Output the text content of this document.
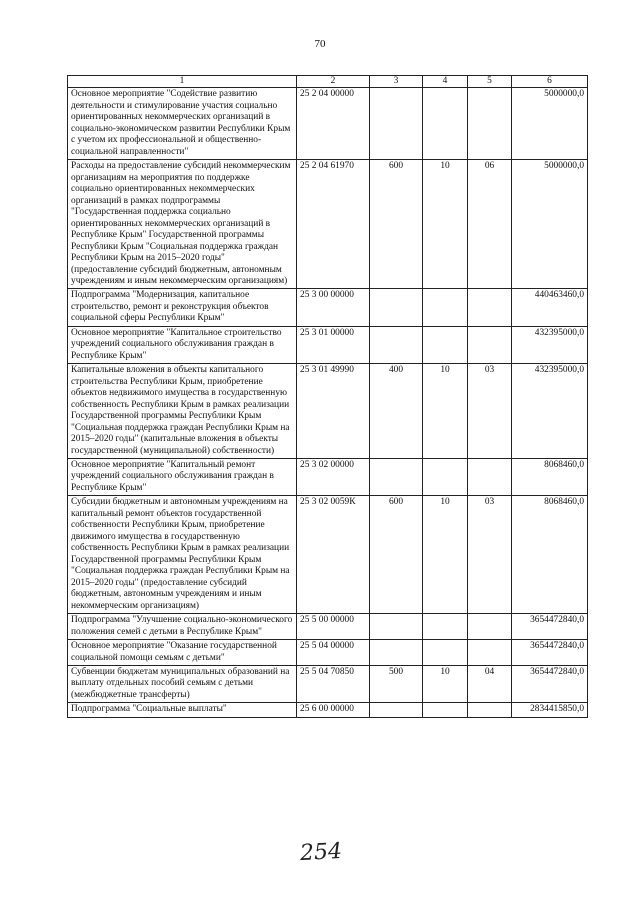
70
1	2	3	4	5	6
Основное мероприятие "Содействие развитию деятельности и стимулирование участия социально ориентированных некоммерческих организаций в социально-экономическом развитии Республики Крым с учетом их профессиональной и общественно-социальной направленности"	25 2 04 00000				5000000,0
Расходы на предоставление субсидий некоммерческим организациям на мероприятия по поддержке социально ориентированных некоммерческих организаций в рамках подпрограммы "Государственная поддержка социально ориентированных некоммерческих организаций в Республике Крым" Государственной программы Республики Крым "Социальная поддержка граждан Республики Крым на 2015–2020 годы" (предоставление субсидий бюджетным, автономным учреждениям и иным некоммерческим организациям)	25 2 04 61970	600	10	06	5000000,0
Подпрограмма "Модернизация, капитальное строительство, ремонт и реконструкция объектов социальной сферы Республики Крым"	25 3 00 00000				440463460,0
Основное мероприятие "Капитальное строительство учреждений социального обслуживания граждан в Республике Крым"	25 3 01 00000				432395000,0
Капитальные вложения в объекты капитального строительства Республики Крым, приобретение объектов недвижимого имущества в государственную собственность Республики Крым в рамках реализации Государственной программы Республики Крым "Социальная поддержка граждан Республики Крым на 2015–2020 годы" (капитальные вложения в объекты государственной (муниципальной) собственности)	25 3 01 49990	400	10	03	432395000,0
Основное мероприятие "Капитальный ремонт учреждений социального обслуживания граждан в Республике Крым"	25 3 02 00000				8068460,0
Субсидии бюджетным и автономным учреждениям на капитальный ремонт объектов государственной собственности Республики Крым, приобретение движимого имущества в государственную собственность Республики Крым в рамках реализации Государственной программы Республики Крым "Социальная поддержка граждан Республики Крым на 2015–2020 годы" (предоставление субсидий бюджетным, автономным учреждениям и иным некоммерческим организациям)	25 3 02 0059К	600	10	03	8068460,0
Подпрограмма "Улучшение социально-экономического положения семей с детьми в Республике Крым"	25 5 00 00000				3654472840,0
Основное мероприятие "Оказание государственной социальной помощи семьям с детьми"	25 5 04 00000				3654472840,0
Субвенции бюджетам муниципальных образований на выплату отдельных пособий семьям с детьми (межбюджетные трансферты)	25 5 04 70850	500	10	04	3654472840,0
Подпрограмма "Социальные выплаты"	25 6 00 00000				2834415850,0
254
